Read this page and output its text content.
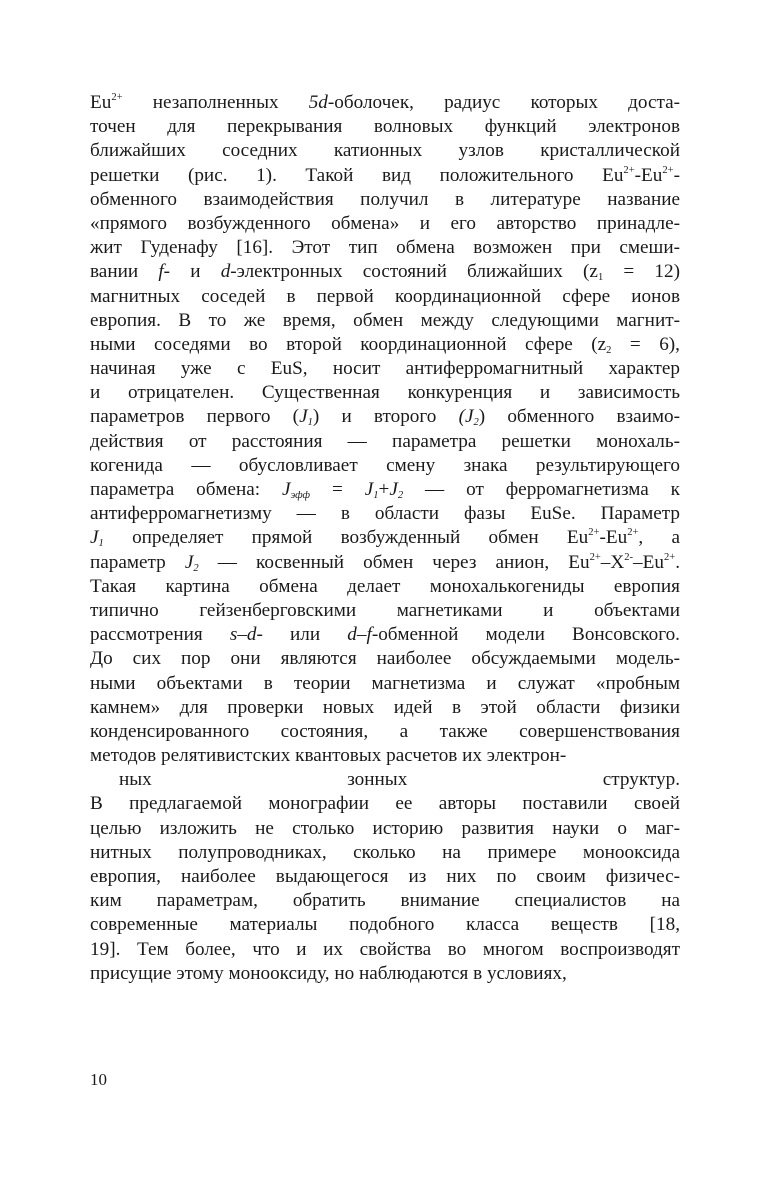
$Eu^{2+}$ незаполненных 5d-оболочек, радиус которых доста-
точен для перекрывания волновых функций электронов
ближайших соседних катионных узлов кристаллической
решетки (рис. 1). Такой вид положительного $Eu^{2+}-Eu^{2+}-$
обменного взаимодействия получил в литературе название
«прямого возбужденного обмена» и его авторство принадле-
жит Гуденафу [16]. Этот тип обмена возможен при смеши-
вании f- и d-электронных состояний ближайших $(z_1 = 12)$
магнитных соседей в первой координационной сфере ионов
европия. В то же время, обмен между следующими магнит-
ными соседями во второй координационной сфере $(z_2 = 6)$,
начиная уже с EuS, носит антиферромагнитный характер
и отрицателен. Существенная конкуренция и зависимость
параметров первого $(J_1)$ и второго $(J_2)$ обменного взаимо-
действия от расстояния — параметра решетки монохаль-
когенида — обусловливает смену знака результирующего
параметра обмена: $J_{эфф} = J_1+J_2$ — от ферромагнетизма к
антиферромагнетизму — в области фазы EuSe. Параметр
$J_1$ определяет прямой возбужденный обмен $Eu^{2+}-Eu^{2+}$, а
параметр $J_2$ — косвенный обмен через анион, $Eu^{2+}-X^{2-}-Eu^{2+}$.
Такая картина обмена делает монохалькогениды европия
типично гейзенберговскими магнетиками и объектами
рассмотрения s–d- или d–f-обменной модели Вонсовского.
До сих пор они являются наиболее обсуждаемыми модель-
ными объектами в теории магнетизма и служат «пробным
камнем» для проверки новых идей в этой области физики
конденсированного состояния, а также совершенствования
методов релятивистских квантовых расчетов их электрон-
ных зонных структур.
В предлагаемой монографии ее авторы поставили своей
целью изложить не столько историю развития науки о маг-
нитных полупроводниках, сколько на примере монооксида
европия, наиболее выдающегося из них по своим физичес-
ким параметрам, обратить внимание специалистов на
современные материалы подобного класса веществ [18,
19]. Тем более, что и их свойства во многом воспроизводят
присущие этому монооксиду, но наблюдаются в условиях,
10
